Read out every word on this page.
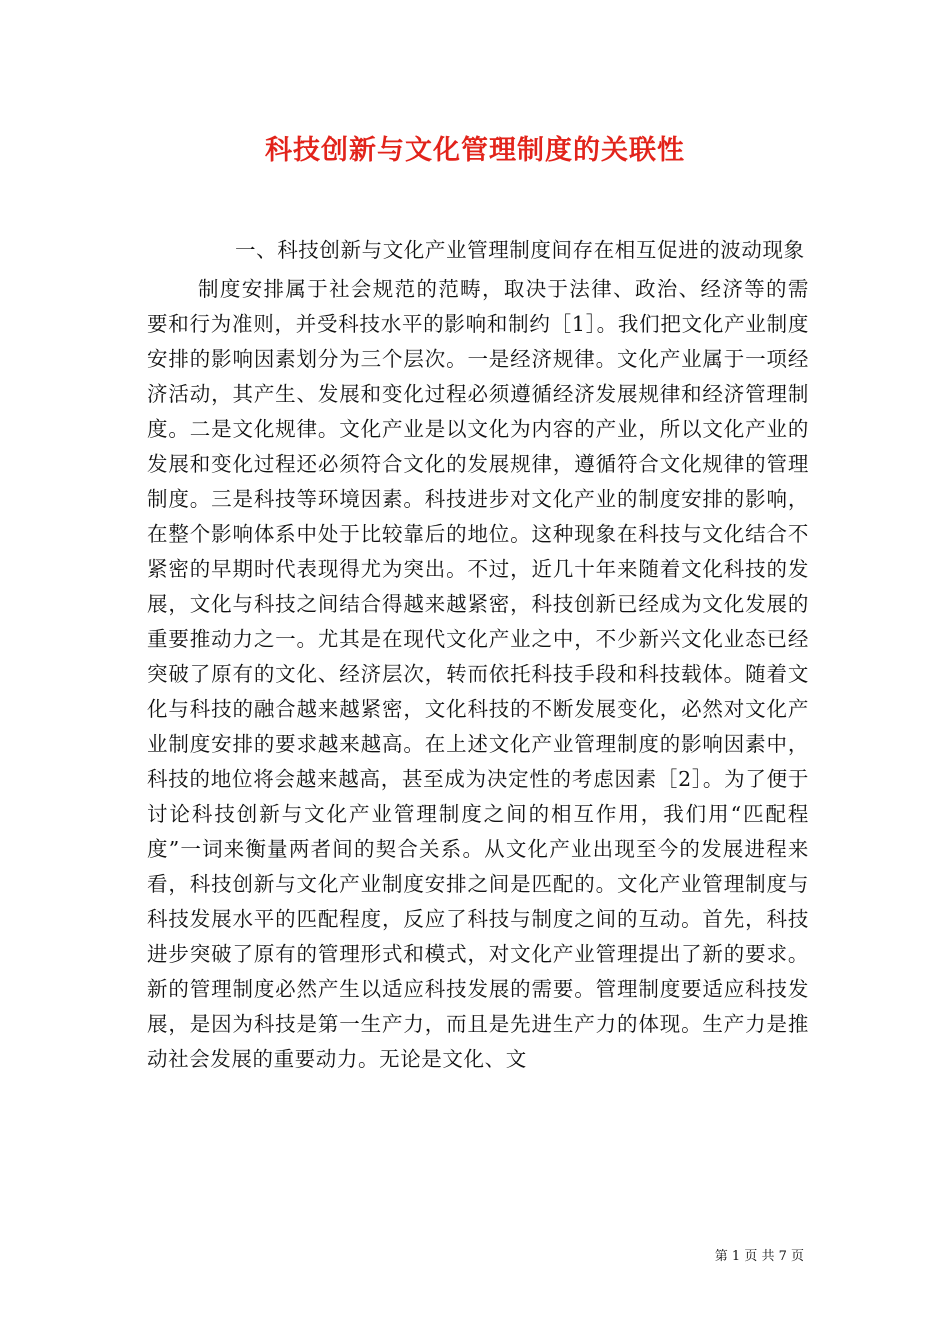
科技创新与文化管理制度的关联性

一、科技创新与文化产业管理制度间存在相互促进的波动现象

制度安排属于社会规范的范畴，取决于法律、政治、经济等的需要和行为准则，并受科技水平的影响和制约［1］。我们把文化产业制度安排的影响因素划分为三个层次。一是经济规律。文化产业属于一项经济活动，其产生、发展和变化过程必须遵循经济发展规律和经济管理制度。二是文化规律。文化产业是以文化为内容的产业，所以文化产业的发展和变化过程还必须符合文化的发展规律，遵循符合文化规律的管理制度。三是科技等环境因素。科技进步对文化产业的制度安排的影响，在整个影响体系中处于比较靠后的地位。这种现象在科技与文化结合不紧密的早期时代表现得尤为突出。不过，近几十年来随着文化科技的发展，文化与科技之间结合得越来越紧密，科技创新已经成为文化发展的重要推动力之一。尤其是在现代文化产业之中，不少新兴文化业态已经突破了原有的文化、经济层次，转而依托科技手段和科技载体。随着文化与科技的融合越来越紧密，文化科技的不断发展变化，必然对文化产业制度安排的要求越来越高。在上述文化产业管理制度的影响因素中，科技的地位将会越来越高，甚至成为决定性的考虑因素［2］。为了便于讨论科技创新与文化产业管理制度之间的相互作用，我们用“匹配程度”一词来衡量两者间的契合关系。从文化产业出现至今的发展进程来看，科技创新与文化产业制度安排之间是匹配的。文化产业管理制度与科技发展水平的匹配程度，反应了科技与制度之间的互动。首先，科技进步突破了原有的管理形式和模式，对文化产业管理提出了新的要求。新的管理制度必然产生以适应科技发展的需要。管理制度要适应科技发展，是因为科技是第一生产力，而且是先进生产力的体现。生产力是推动社会发展的重要动力。无论是文化、文

第 1 页 共 7 页
